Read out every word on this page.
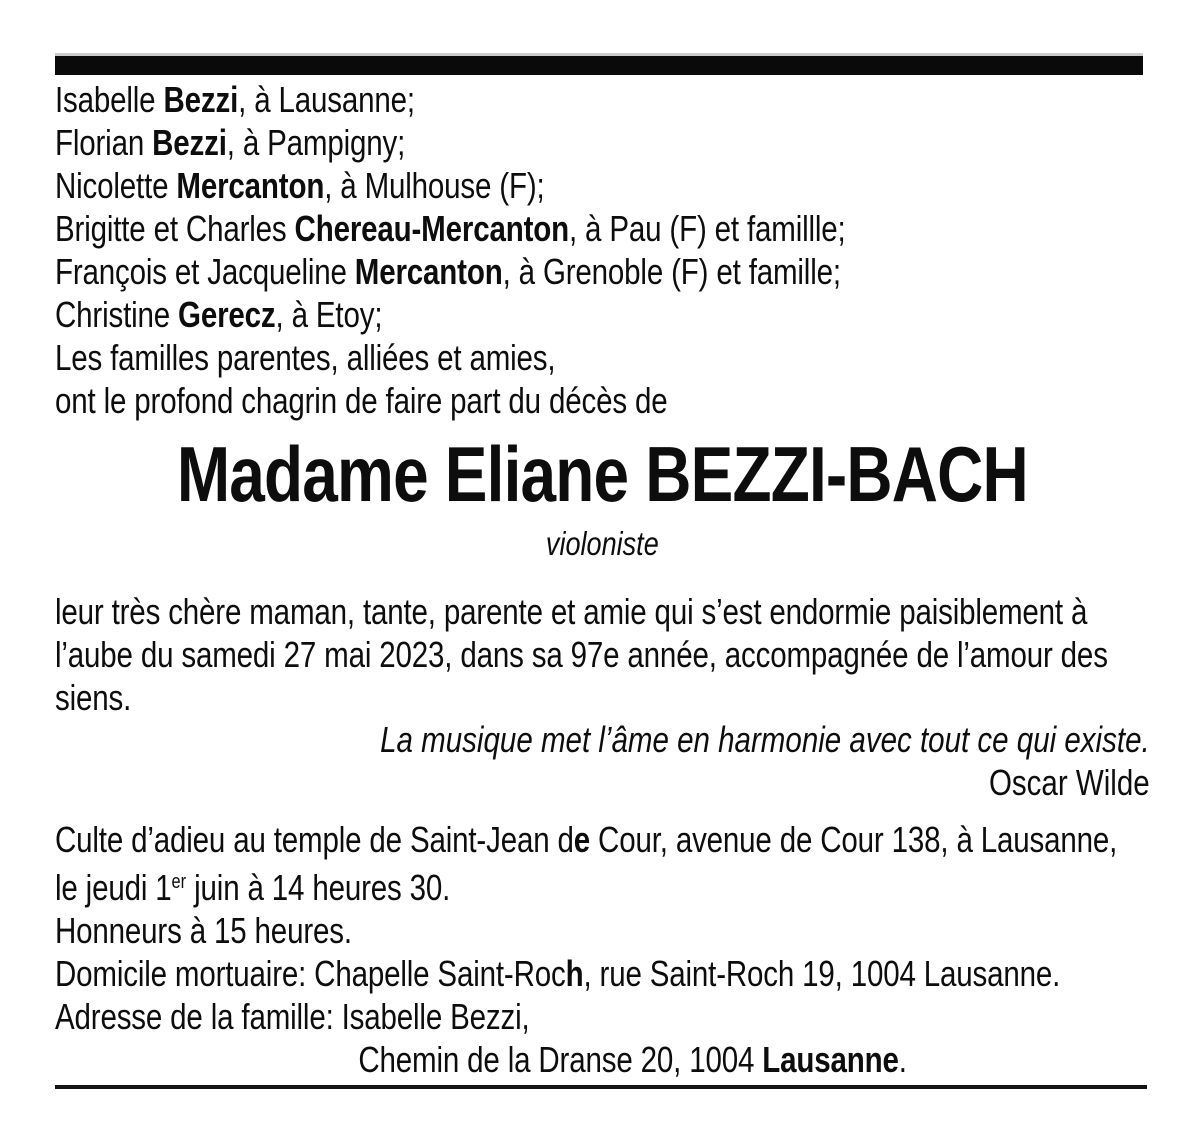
Isabelle Bezzi, à Lausanne;
Florian Bezzi, à Pampigny;
Nicolette Mercanton, à Mulhouse (F);
Brigitte et Charles Chereau-Mercanton, à Pau (F) et famillle;
François et Jacqueline Mercanton, à Grenoble (F) et famille;
Christine Gerecz, à Etoy;
Les familles parentes, alliées et amies,
ont le profond chagrin de faire part du décès de
Madame Eliane BEZZI-BACH
violoniste
leur très chère maman, tante, parente et amie qui s’est endormie paisiblement à
l’aube du samedi 27 mai 2023, dans sa 97e année, accompagnée de l’amour des
siens.
La musique met l’âme en harmonie avec tout ce qui existe.
Oscar Wilde
Culte d’adieu au temple de Saint-Jean de Cour, avenue de Cour 138, à Lausanne,
le jeudi 1er juin à 14 heures 30.
Honneurs à 15 heures.
Domicile mortuaire: Chapelle Saint-Roch, rue Saint-Roch 19, 1004 Lausanne.
Adresse de la famille: Isabelle Bezzi,
Chemin de la Dranse 20, 1004 Lausanne.
